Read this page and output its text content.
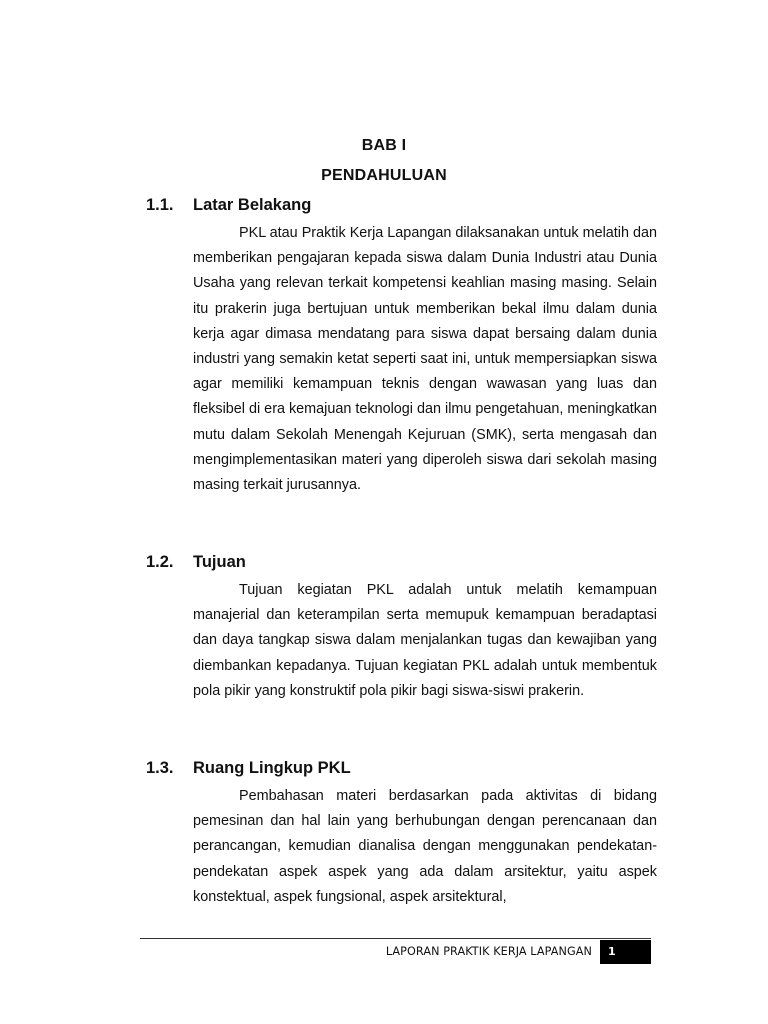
BAB I
PENDAHULUAN
1.1. Latar Belakang

PKL atau Praktik Kerja Lapangan dilaksanakan untuk melatih dan memberikan pengajaran kepada siswa dalam Dunia Industri atau Dunia Usaha yang relevan terkait kompetensi keahlian masing masing. Selain itu prakerin juga bertujuan untuk memberikan bekal ilmu dalam dunia kerja agar dimasa mendatang para siswa dapat bersaing dalam dunia industri yang semakin ketat seperti saat ini, untuk mempersiapkan siswa agar memiliki kemampuan teknis dengan wawasan yang luas dan fleksibel di era kemajuan teknologi dan ilmu pengetahuan, meningkatkan mutu dalam Sekolah Menengah Kejuruan (SMK), serta mengasah dan mengimplementasikan materi yang diperoleh siswa dari sekolah masing masing terkait jurusannya.

1.2. Tujuan

Tujuan kegiatan PKL adalah untuk melatih kemampuan manajerial dan keterampilan serta memupuk kemampuan beradaptasi dan daya tangkap siswa dalam menjalankan tugas dan kewajiban yang diembankan kepadanya. Tujuan kegiatan PKL adalah untuk membentuk pola pikir yang konstruktif pola pikir bagi siswa-siswi prakerin.

1.3. Ruang Lingkup PKL

Pembahasan materi berdasarkan pada aktivitas di bidang pemesinan dan hal lain yang berhubungan dengan perencanaan dan perancangan, kemudian dianalisa dengan menggunakan pendekatan-pendekatan aspek aspek yang ada dalam arsitektur, yaitu aspek konstektual, aspek fungsional, aspek arsitektural,

LAPORAN PRAKTIK KERJA LAPANGAN	1
